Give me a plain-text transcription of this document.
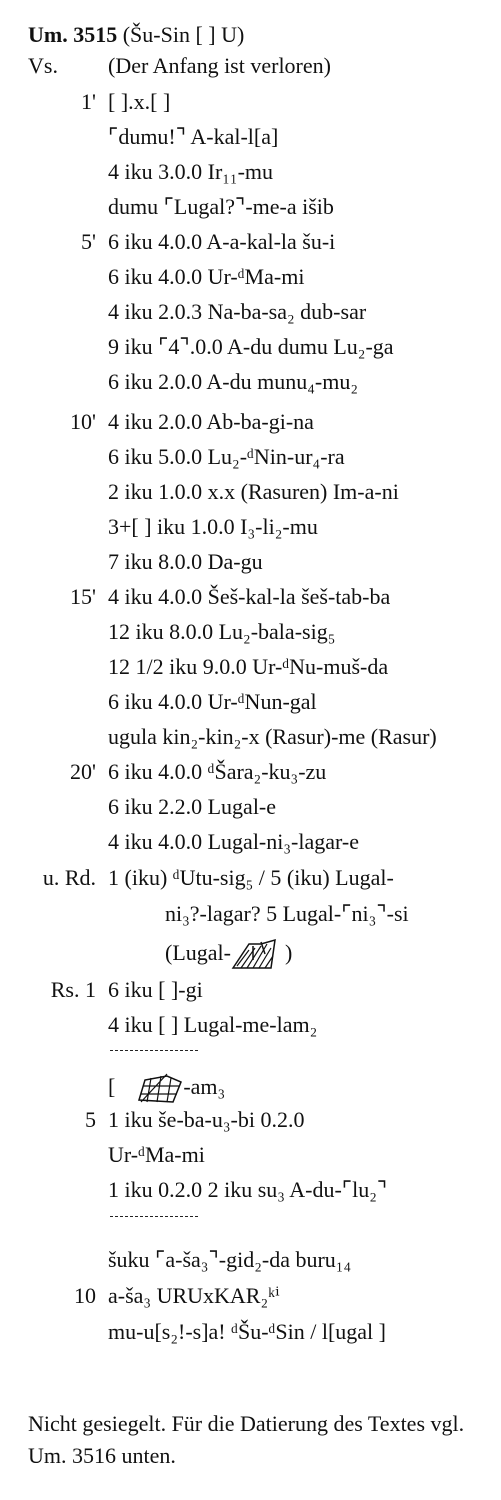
Um. 3515 (Šu-Sin [ ] U)
Vs.	(Der Anfang ist verloren)
1' [ ].x.[ ]
⌜dumu!⌝ A-kal-l[a]
4 iku 3.0.0 Ir₁₁-mu
dumu ⌜Lugal?⌝-me-a išib
5' 6 iku 4.0.0 A-a-kal-la šu-i
6 iku 4.0.0 Ur-ᵈMa-mi
4 iku 2.0.3 Na-ba-sa₂ dub-sar
9 iku ⌜4⌝.0.0 A-du dumu Lu₂-ga
6 iku 2.0.0 A-du munu₄-mu₂
10' 4 iku 2.0.0 Ab-ba-gi-na
6 iku 5.0.0 Lu₂-ᵈNin-ur₄-ra
2 iku 1.0.0 x.x (Rasuren) Im-a-ni
3+[ ] iku 1.0.0 I₃-li₂-mu
7 iku 8.0.0 Da-gu
15' 4 iku 4.0.0 Šeš-kal-la šeš-tab-ba
12 iku 8.0.0 Lu₂-bala-sig₅
12 1/2 iku 9.0.0 Ur-ᵈNu-muš-da
6 iku 4.0.0 Ur-ᵈNun-gal
ugula kin₂-kin₂-x (Rasur)-me (Rasur)
20' 6 iku 4.0.0 ᵈŠara₂-ku₃-zu
6 iku 2.2.0 Lugal-e
4 iku 4.0.0 Lugal-ni₃-lagar-e
u. Rd. 1 (iku) ᵈUtu-sig₅ / 5 (iku) Lugal-
ni₃?-lagar? 5 Lugal-⌜ni₃⌝-si
(Lugal- )
Rs. 1 6 iku [ ]-gi
4 iku [ ] Lugal-me-lam₂
[	-am₃
5 1 iku še-ba-u₃-bi 0.2.0
Ur-ᵈMa-mi
1 iku 0.2.0 2 iku su₃ A-du-⌜lu₂⌝
šuku ⌜a-ša₃⌝-gid₂-da buru₁₄
10 a-ša₃ URUxKAR₂ᵏⁱ
mu-u[s₂!-s]a! ᵈŠu-ᵈSin / l[ugal ]
Nicht gesiegelt. Für die Datierung des Textes vgl. Um. 3516 unten.
